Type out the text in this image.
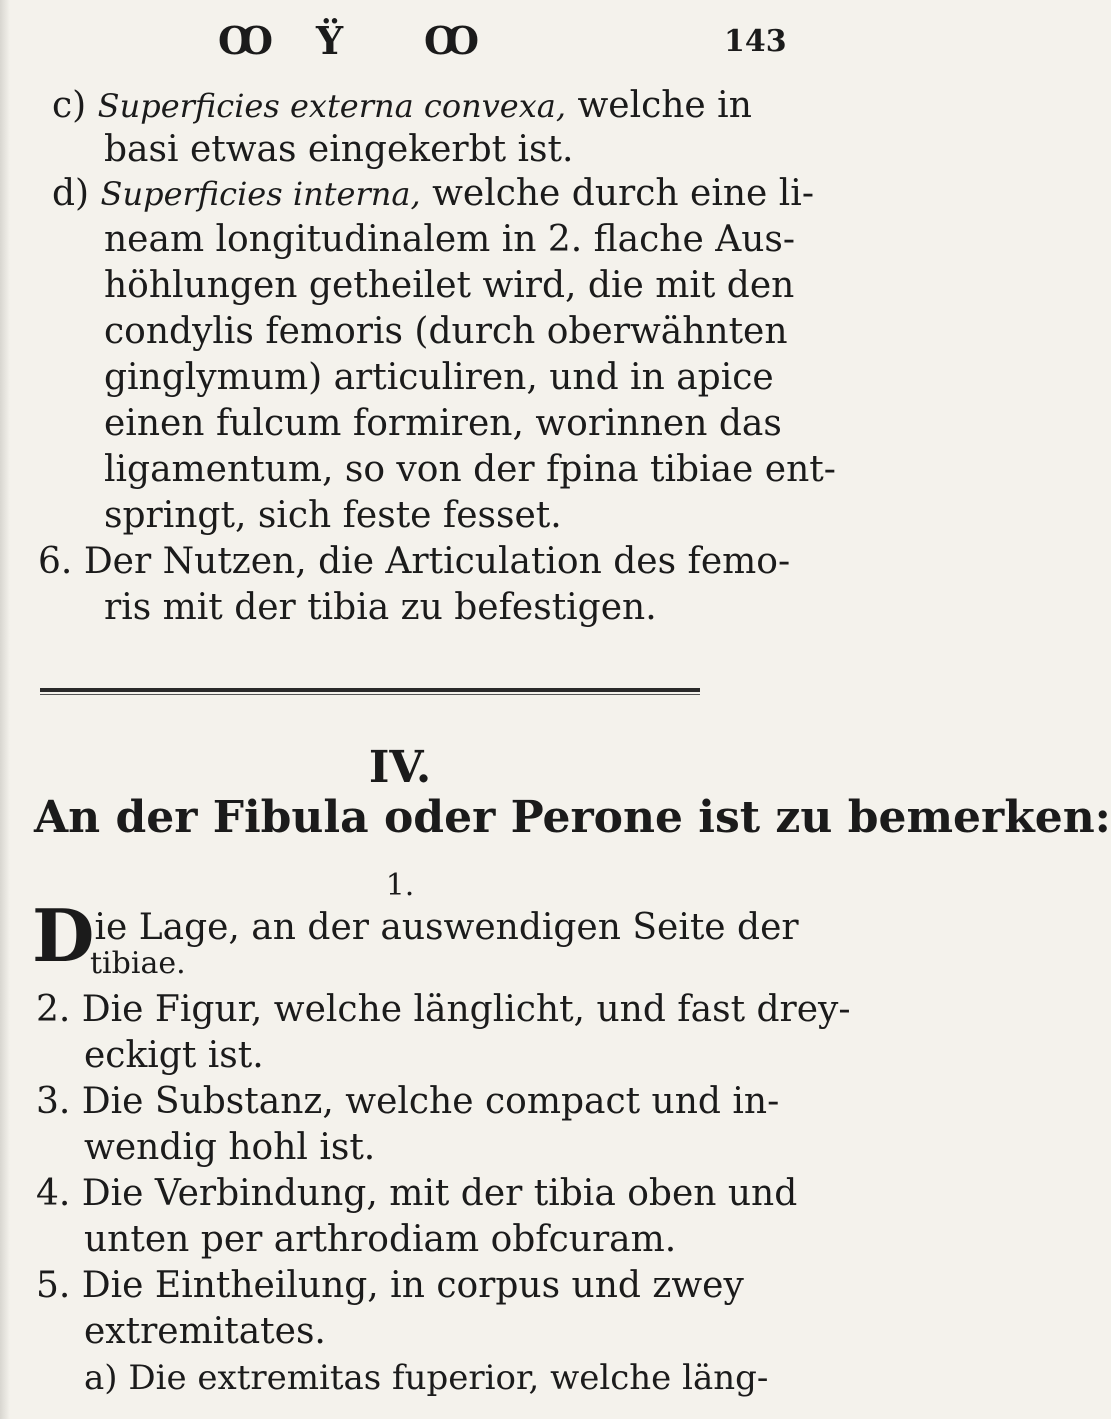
Ꝏ Ϋ Ꝏ	143
c) Superficies externa convexa, welche in
basi etwas eingekerbt ist.
d) Superficies interna, welche durch eine li-
neam longitudinalem in 2. flache Aus-
höhlungen getheilet wird, die mit den
condylis femoris (durch oberwähnten
ginglymum) articuliren, und in apice
einen fulcum formiren, worinnen das
ligamentum, so von der fpina tibiae ent-
springt, sich feste fesset.
6. Der Nutzen, die Articulation des femo-
ris mit der tibia zu befestigen.
IV.
An der Fibula oder Perone ist zu bemerken:
1.
Die Lage, an der auswendigen Seite der
tibiae.
2. Die Figur, welche länglicht, und fast drey-
eckigt ist.
3. Die Substanz, welche compact und in-
wendig hohl ist.
4. Die Verbindung, mit der tibia oben und
unten per arthrodiam obfcuram.
5. Die Eintheilung, in corpus und zwey
extremitates.
a) Die extremitas fuperior, welche läng-
